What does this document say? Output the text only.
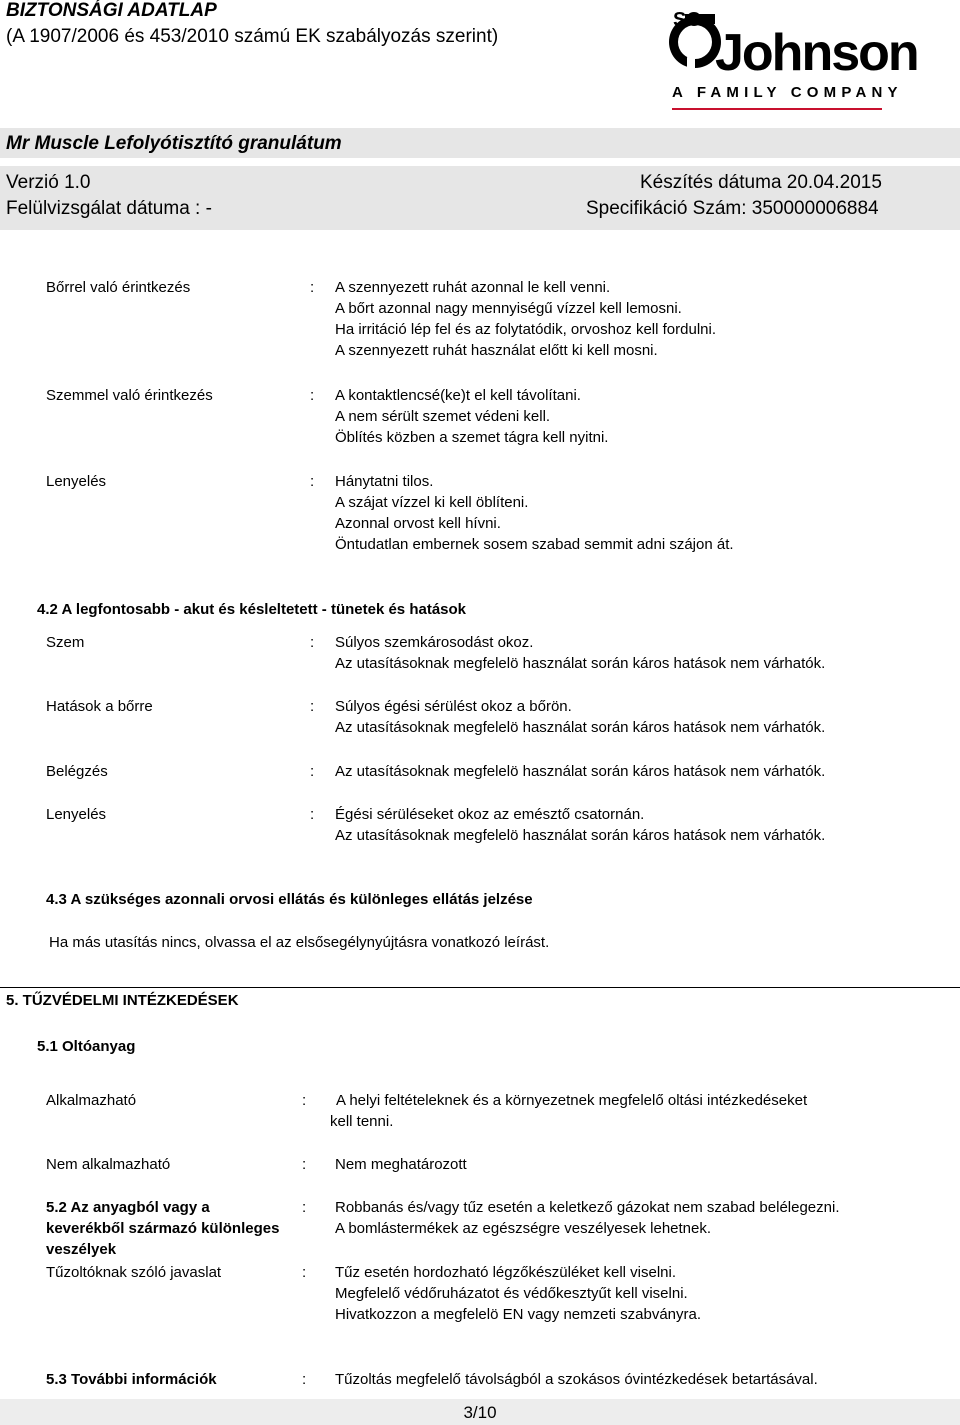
BIZTONSÁGI ADATLAP
(A 1907/2006 és 453/2010 számú EK szabályozás szerint)
SC
Johnson
A FAMILY COMPANY
Mr Muscle Lefolyótisztító granulátum
Verzió 1.0
Felülvizsgálat dátuma : -
Készítés dátuma 20.04.2015
Specifikáció Szám: 350000006884
Bőrrel való érintkezés	: A szennyezett ruhát azonnal le kell venni.
A bőrt azonnal nagy mennyiségű vízzel kell lemosni.
Ha irritáció lép fel és az folytatódik, orvoshoz kell fordulni.
A szennyezett ruhát használat előtt ki kell mosni.
Szemmel való érintkezés	: A kontaktlencsé(ke)t el kell távolítani.
A nem sérült szemet védeni kell.
Öblítés közben a szemet tágra kell nyitni.
Lenyelés	: Hánytatni tilos.
A szájat vízzel ki kell öblíteni.
Azonnal orvost kell hívni.
Öntudatlan embernek sosem szabad semmit adni szájon át.
4.2 A legfontosabb - akut és késleltetett - tünetek és hatások
Szem	: Súlyos szemkárosodást okoz.
Az utasításoknak megfelelö használat során káros hatások nem várhatók.
Hatások a bőrre	: Súlyos égési sérülést okoz a bőrön.
Az utasításoknak megfelelö használat során káros hatások nem várhatók.
Belégzés	: Az utasításoknak megfelelö használat során káros hatások nem várhatók.
Lenyelés	: Égési sérüléseket okoz az emésztő csatornán.
Az utasításoknak megfelelö használat során káros hatások nem várhatók.
4.3 A szükséges azonnali orvosi ellátás és különleges ellátás jelzése
Ha más utasítás nincs, olvassa el az elsősegélynyújtásra vonatkozó leírást.
5. TŰZVÉDELMI INTÉZKEDÉSEK
5.1 Oltóanyag
Alkalmazható	:	A helyi feltételeknek és a környezetnek megfelelő oltási intézkedéseket
kell tenni.
Nem alkalmazható	: Nem meghatározott
5.2 Az anyagból vagy a
keverékből származó különleges
veszélyek
: Robbanás és/vagy tűz esetén a keletkező gázokat nem szabad belélegezni.
A bomlástermékek az egészségre veszélyesek lehetnek.
Tűzoltóknak szóló javaslat	: Tűz esetén hordozható légzőkészüléket kell viselni.
Megfelelő védőruházatot és védőkesztyűt kell viselni.
Hivatkozzon a megfelelö EN vagy nemzeti szabványra.
5.3 További információk	: Tűzoltás megfelelő távolságból a szokásos óvintézkedések betartásával.
3/10
